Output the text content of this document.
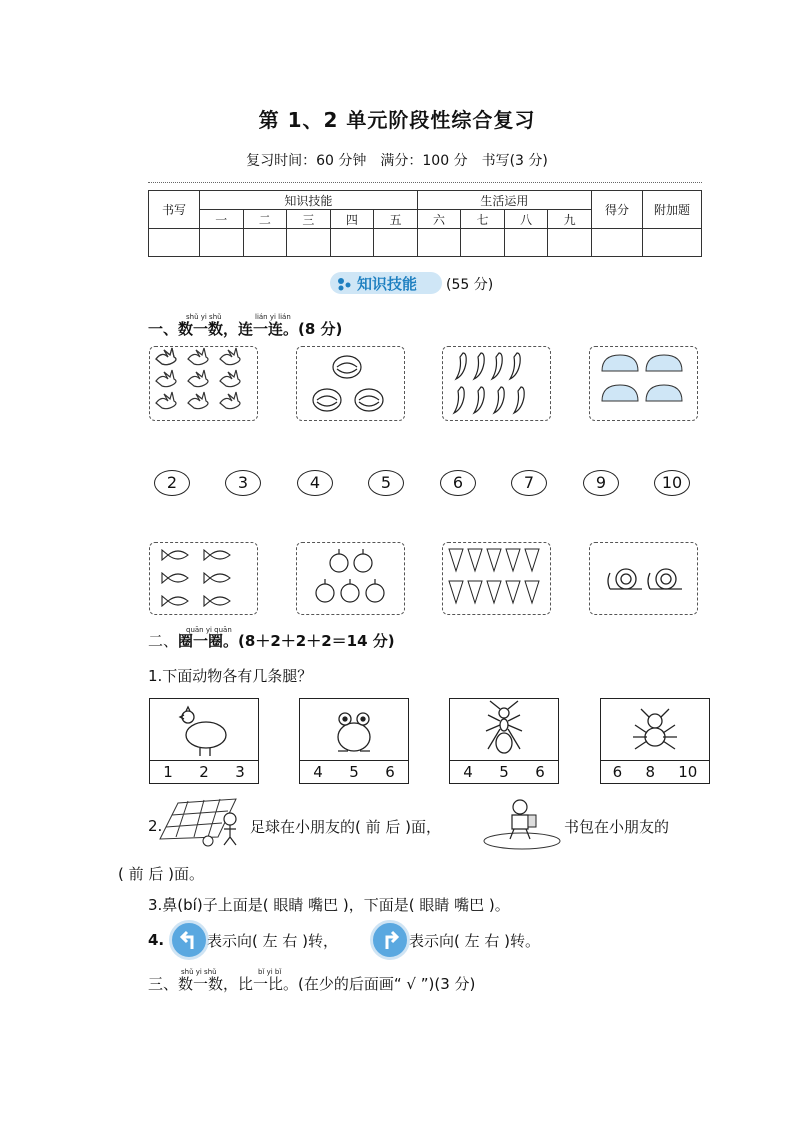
第 1、2 单元阶段性综合复习
复习时间：60 分钟　满分：100 分　书写(3 分)
书写	知识技能					生活运用				得分	附加题
	一	二	三	四	五	六	七	八	九		

知识技能 (55 分)
shǔ yi shǔ	lián yi lián
一、数一数，连一连。(8 分)
2	3	4	5	6	7	9	10
quān yi quān
二、圈一圈。(8＋2＋2＋2＝14 分)
1.下面动物各有几条腿？
1 2 3	4 5 6	4 5 6	6 8 10
2.	足球在小朋友的( 前 后 )面，	书包在小朋友的
( 前 后 )面。
3.鼻(bí)子上面是( 眼睛 嘴巴 )，下面是( 眼睛 嘴巴 )。
4.	表示向( 左 右 )转，	表示向( 左 右 )转。
shǔ yi shǔ	bǐ yi bǐ
三、数一数，比一比。(在少的后面画“ √ ”)(3 分)
